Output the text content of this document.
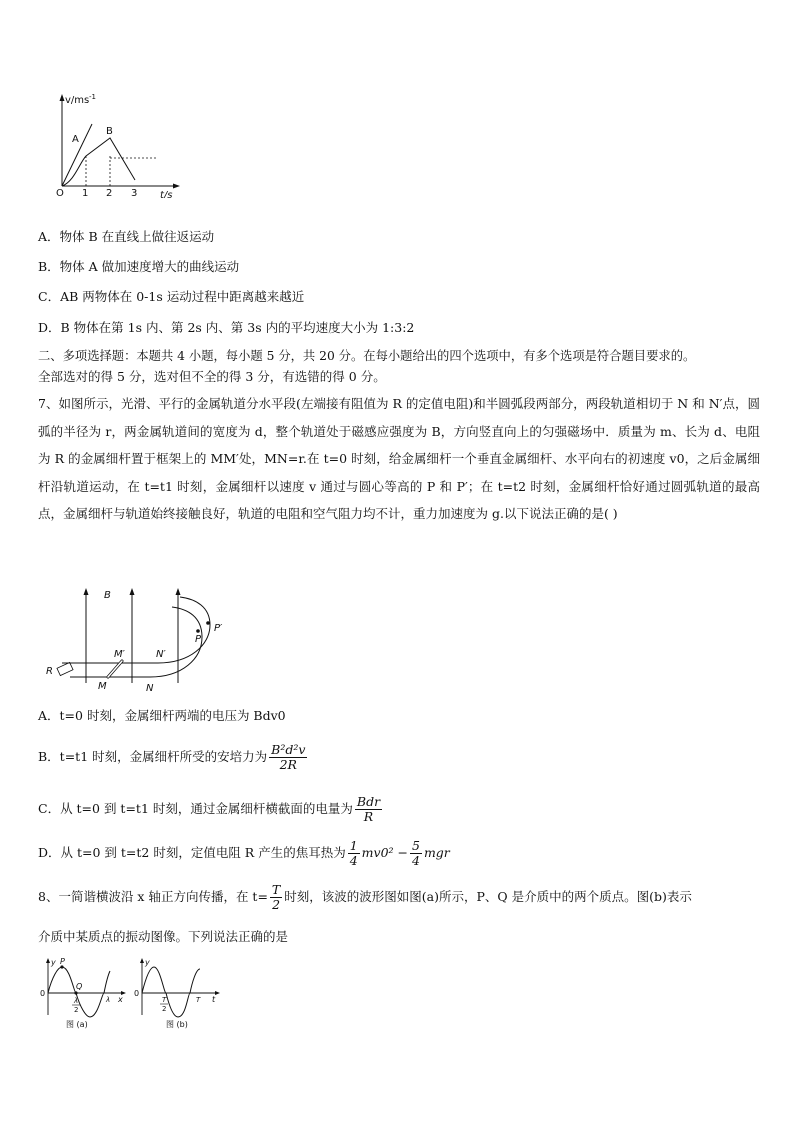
v/ms -1
t/s
O 1 2 3
A
B
A．物体 B 在直线上做往返运动
B．物体 A 做加速度增大的曲线运动
C．AB 两物体在 0-1s 运动过程中距离越来越近
D．B 物体在第 1s 内、第 2s 内、第 3s 内的平均速度大小为 1:3:2
二、多项选择题：本题共 4 小题，每小题 5 分，共 20 分。在每小题给出的四个选项中，有多个选项是符合题目要求的。
全部选对的得 5 分，选对但不全的得 3 分，有选错的得 0 分。
7、如图所示，光滑、平行的金属轨道分水平段(左端接有阻值为 R 的定值电阻)和半圆弧段两部分，两段轨道相切于 N 和 N′点，圆弧的半径为 r，两金属轨道间的宽度为 d，整个轨道处于磁感应强度为 B，方向竖直向上的匀强磁场中．质量为 m、长为 d、电阻为 R 的金属细杆置于框架上的 MM′处，MN=r.在 t=0 时刻，给金属细杆一个垂直金属细杆、水平向右的初速度 v0，之后金属细杆沿轨道运动，在 t=t1 时刻，金属细杆以速度 v 通过与圆心等高的 P 和 P′；在 t=t2 时刻，金属细杆恰好通过圆弧轨道的最高点，金属细杆与轨道始终接触良好，轨道的电阻和空气阻力均不计，重力加速度为 g.以下说法正确的是( )
B
R
P′
P
M′	N′
M	N
A．t=0 时刻，金属细杆两端的电压为 Bdv0
B．t=t1 时刻，金属细杆所受的安培力为 $\frac{\text{B²d²v}}{2R}$
C．从 t=0 到 t=t1 时刻，通过金属细杆横截面的电量为 $\frac{\text{Bdr}}{R}$
D．从 t=0 到 t=t2 时刻，定值电阻 R 产生的焦耳热为 $\frac{1}{4} mv0^2 - \frac{5}{4}$ mgr
8、一简谐横波沿 x 轴正方向传播，在 $t= \frac{T}{2}$ 时刻，该波的波形图如图(a)所示，P、Q 是介质中的两个质点。图(b)表示
介质中某质点的振动图像。下列说法正确的是
y P
Q
0
λ
2
λ x
图 (a)
y
0
T
2
T t
图 (b)
